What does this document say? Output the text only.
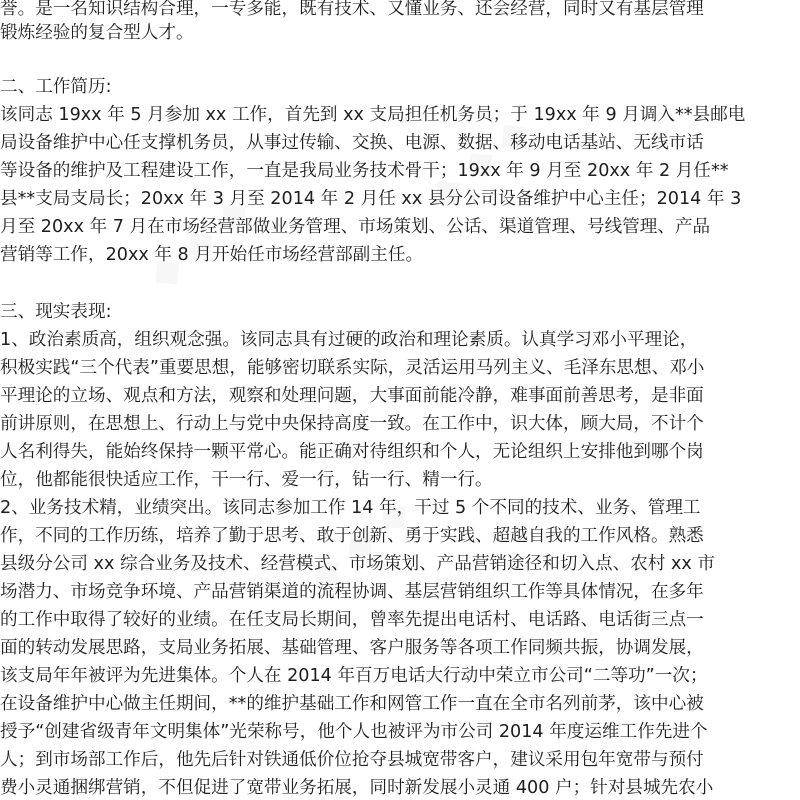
◆ ◆ ◆
◆ ◆ ◆
◆ ◆ ◆
誉。是一名知识结构合理，一专多能，既有技术、又懂业务、还会经营，同时又有基层管理
锻炼经验的复合型人才。
二、工作简历:
该同志 19xx 年 5 月参加 xx 工作，首先到 xx 支局担任机务员；于 19xx 年 9 月调入**县邮电
局设备维护中心任支撑机务员，从事过传输、交换、电源、数据、移动电话基站、无线市话
等设备的维护及工程建设工作，一直是我局业务技术骨干；19xx 年 9 月至 20xx 年 2 月任**
县**支局支局长；20xx 年 3 月至 2014 年 2 月任 xx 县分公司设备维护中心主任；2014 年 3
月至 20xx 年 7 月在市场经营部做业务管理、市场策划、公话、渠道管理、号线管理、产品
营销等工作，20xx 年 8 月开始任市场经营部副主任。
三、现实表现:
1、政治素质高，组织观念强。该同志具有过硬的政治和理论素质。认真学习邓小平理论，
积极实践“三个代表”重要思想，能够密切联系实际，灵活运用马列主义、毛泽东思想、邓小
平理论的立场、观点和方法，观察和处理问题，大事面前能冷静，难事面前善思考，是非面
前讲原则，在思想上、行动上与党中央保持高度一致。在工作中，识大体，顾大局，不计个
人名利得失，能始终保持一颗平常心。能正确对待组织和个人，无论组织上安排他到哪个岗
位，他都能很快适应工作，干一行、爱一行，钻一行、精一行。
2、业务技术精，业绩突出。该同志参加工作 14 年，干过 5 个不同的技术、业务、管理工
作，不同的工作历练，培养了勤于思考、敢于创新、勇于实践、超越自我的工作风格。熟悉
县级分公司 xx 综合业务及技术、经营模式、市场策划、产品营销途径和切入点、农村 xx 市
场潜力、市场竞争环境、产品营销渠道的流程协调、基层营销组织工作等具体情况，在多年
的工作中取得了较好的业绩。在任支局长期间，曾率先提出电话村、电话路、电话街三点一
面的转动发展思路，支局业务拓展、基础管理、客户服务等各项工作同频共振，协调发展，
该支局年年被评为先进集体。个人在 2014 年百万电话大行动中荣立市公司“二等功”一次；
在设备维护中心做主任期间，**的维护基础工作和网管工作一直在全市名列前茅，该中心被
授予“创建省级青年文明集体”光荣称号，他个人也被评为市公司 2014 年度运维工作先进个
人；到市场部工作后，他先后针对铁通低价位抢夺县城宽带客户，建议采用包年宽带与预付
费小灵通捆绑营销，不但促进了宽带业务拓展，同时新发展小灵通 400 户；针对县城先农小
